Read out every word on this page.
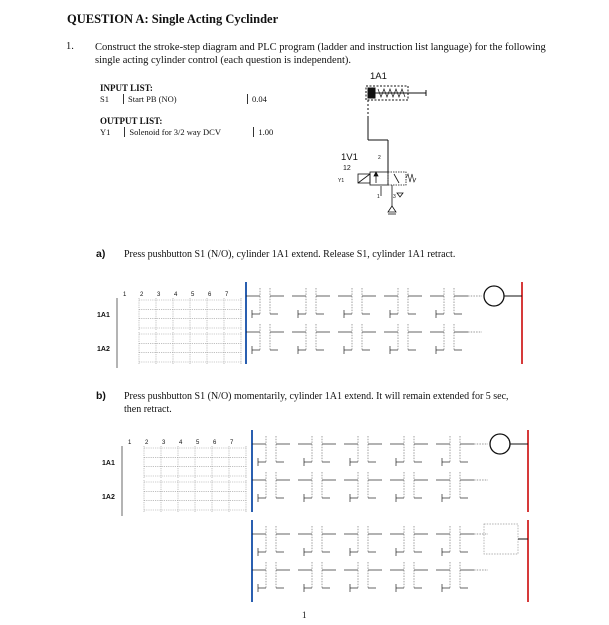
QUESTION A: Single Acting Cyclinder
1. Construct the stroke-step diagram and PLC program (ladder and instruction list language) for the following single acting cylinder control (each question is independent).
INPUT LIST:
S1 Start PB (NO)	0.04
OUTPUT LIST:
Y1 Solenoid for 3/2 way DCV	1.00
1A1
1V1
12
Y1
2
1	3
a) Press pushbutton S1 (N/O), cylinder 1A1 extend. Release S1, cylinder 1A1 retract.
1 2 3 4 5 6 7
1A1
1A2
b) Press pushbutton S1 (N/O) momentarily, cylinder 1A1 extend. It will remain extended for 5 sec,
then retract.
1 2 3 4 5 6 7
1A1
1A2
1
